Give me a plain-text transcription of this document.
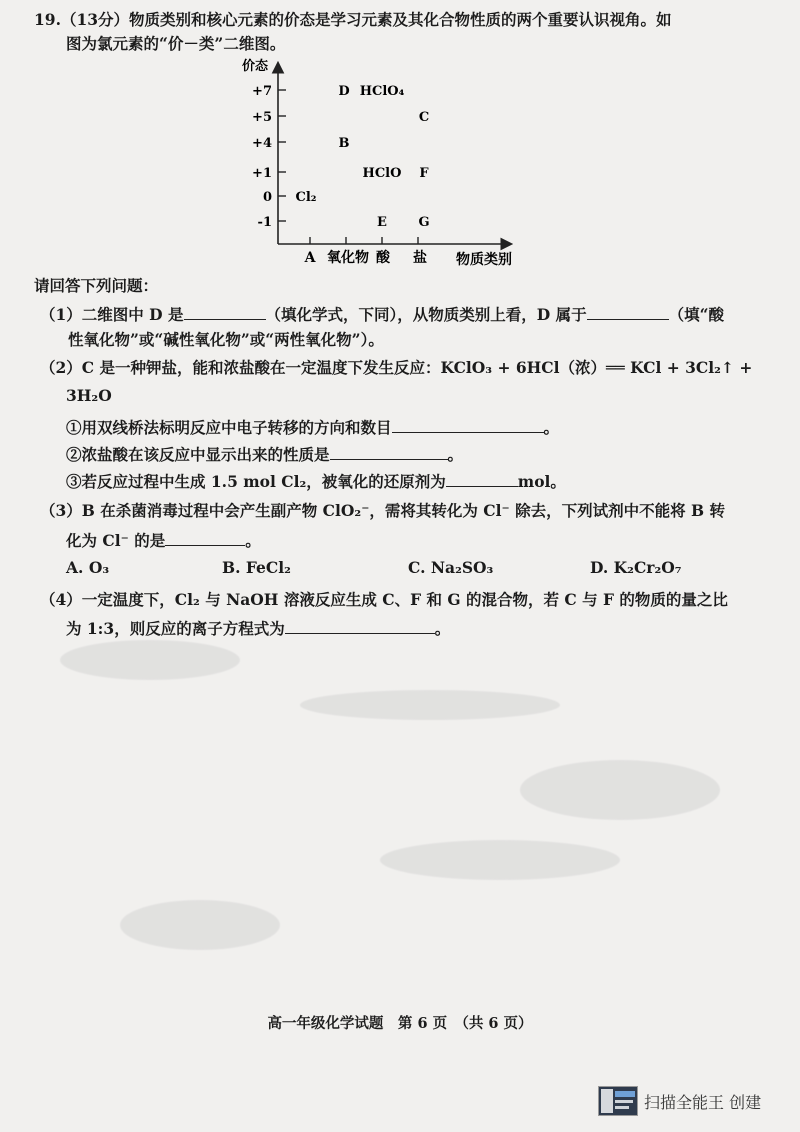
19.（13分）物质类别和核心元素的价态是学习元素及其化合物性质的两个重要认识视角。如
图为氯元素的“价－类”二维图。
价态
物质类别
+7
+5
+4
+1
0
-1
A 氧化物 酸 盐
D HClO₄
C
B
HClO F
Cl₂
E G
请回答下列问题：
（1）二维图中 D 是	（填化学式，下同），从物质类别上看，D 属于	（填“酸
性氧化物”或“碱性氧化物”或“两性氧化物”）。
（2）C 是一种钾盐，能和浓盐酸在一定温度下发生反应：KClO₃ + 6HCl（浓）══ KCl + 3Cl₂↑ +
3H₂O
①用双线桥法标明反应中电子转移的方向和数目	。
②浓盐酸在该反应中显示出来的性质是	。
③若反应过程中生成 1.5 mol Cl₂，被氧化的还原剂为	mol。
（3）B 在杀菌消毒过程中会产生副产物 ClO₂⁻，需将其转化为 Cl⁻ 除去，下列试剂中不能将 B 转
化为 Cl⁻ 的是	。
A. O₃	B. FeCl₂	C. Na₂SO₃	D. K₂Cr₂O₇
（4）一定温度下，Cl₂ 与 NaOH 溶液反应生成 C、F 和 G 的混合物，若 C 与 F 的物质的量之比
为 1:3，则反应的离子方程式为	。
高一年级化学试题　第 6 页　（共 6 页）
扫描全能王 创建
